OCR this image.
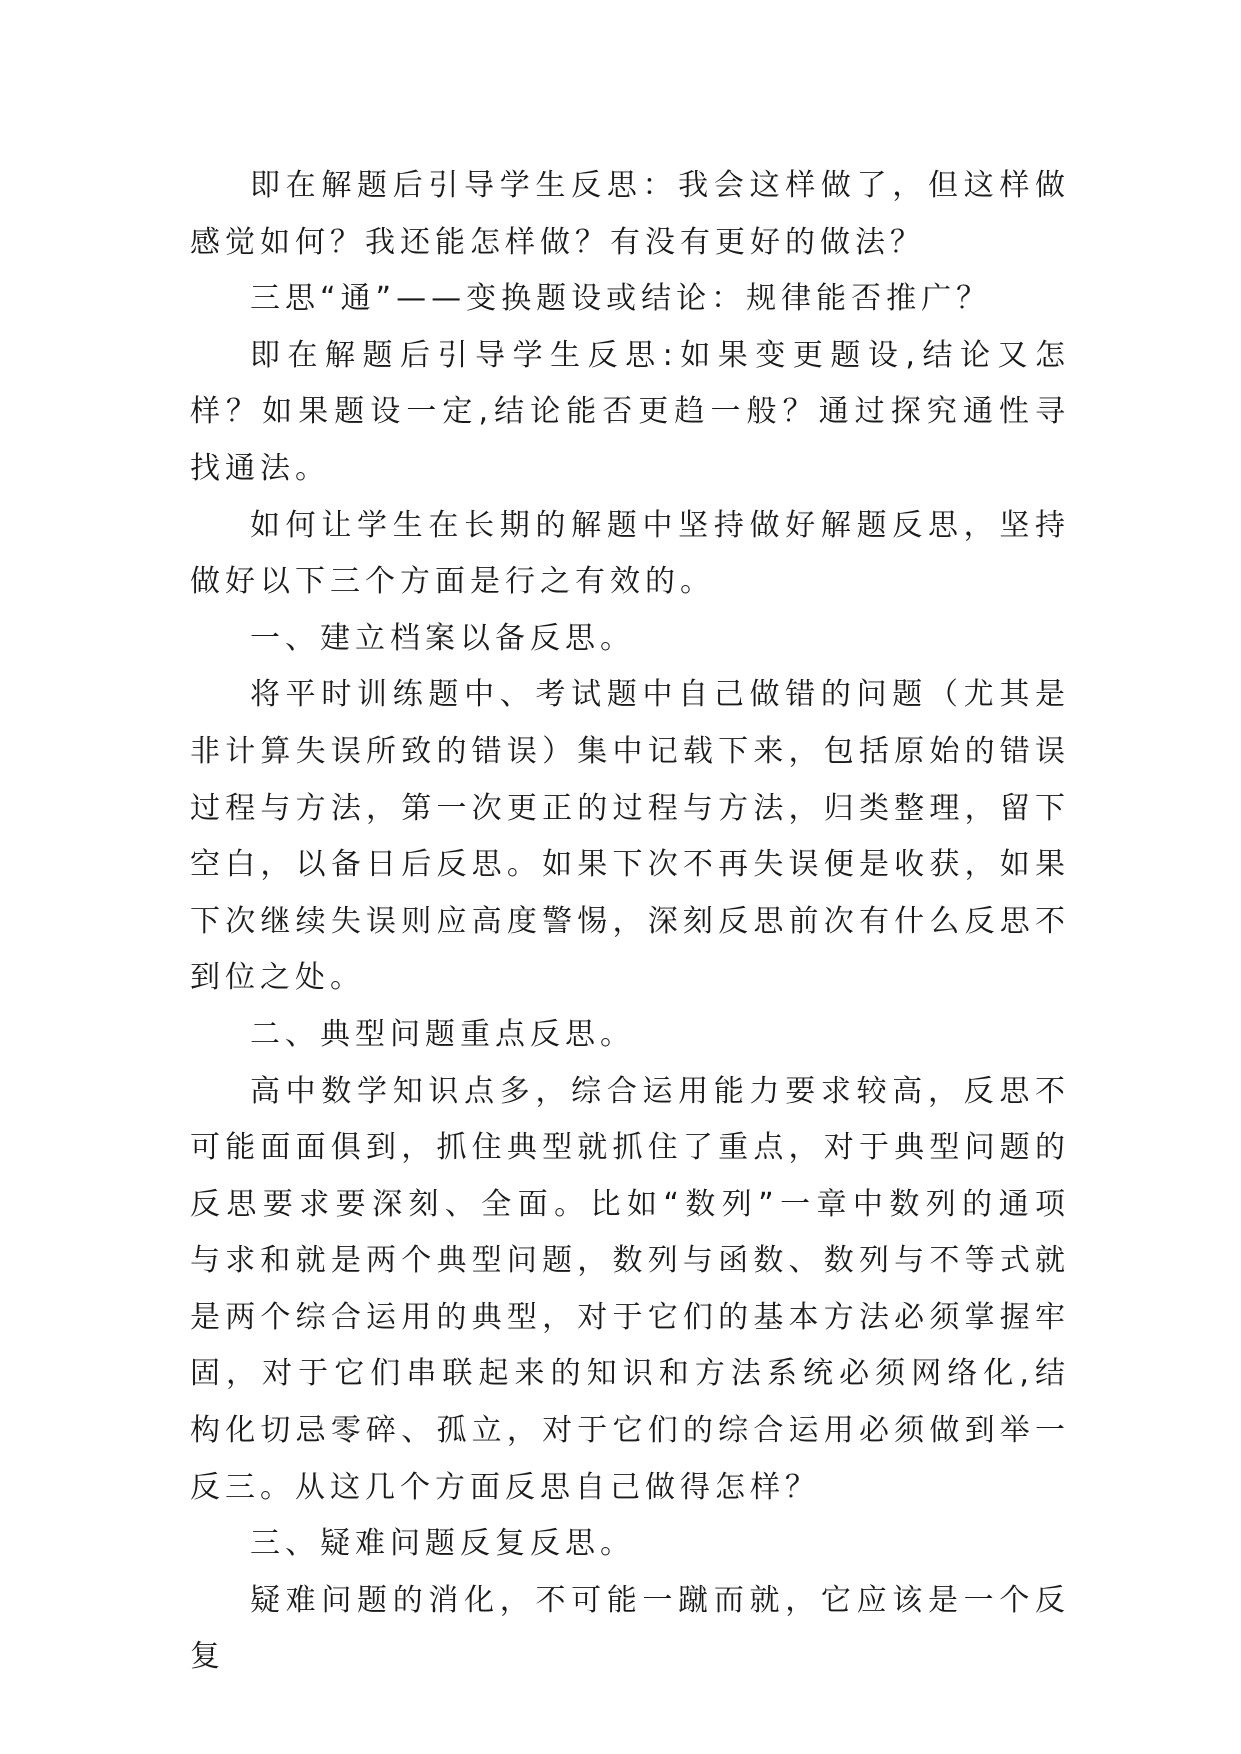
即在解题后引导学生反思：我会这样做了，但这样做感觉如何？我还能怎样做？有没有更好的做法？

三思“通”——变换题设或结论：规律能否推广？

即在解题后引导学生反思:如果变更题设,结论又怎样？如果题设一定,结论能否更趋一般？通过探究通性寻找通法。

如何让学生在长期的解题中坚持做好解题反思，坚持做好以下三个方面是行之有效的。

一、建立档案以备反思。

将平时训练题中、考试题中自己做错的问题（尤其是非计算失误所致的错误）集中记载下来，包括原始的错误过程与方法，第一次更正的过程与方法，归类整理，留下空白，以备日后反思。如果下次不再失误便是收获，如果下次继续失误则应高度警惕，深刻反思前次有什么反思不到位之处。

二、典型问题重点反思。

高中数学知识点多，综合运用能力要求较高，反思不可能面面俱到，抓住典型就抓住了重点，对于典型问题的反思要求要深刻、全面。比如“数列”一章中数列的通项与求和就是两个典型问题，数列与函数、数列与不等式就是两个综合运用的典型，对于它们的基本方法必须掌握牢固，对于它们串联起来的知识和方法系统必须网络化,结构化切忌零碎、孤立，对于它们的综合运用必须做到举一反三。从这几个方面反思自己做得怎样？

三、疑难问题反复反思。

疑难问题的消化，不可能一蹴而就，它应该是一个反复
